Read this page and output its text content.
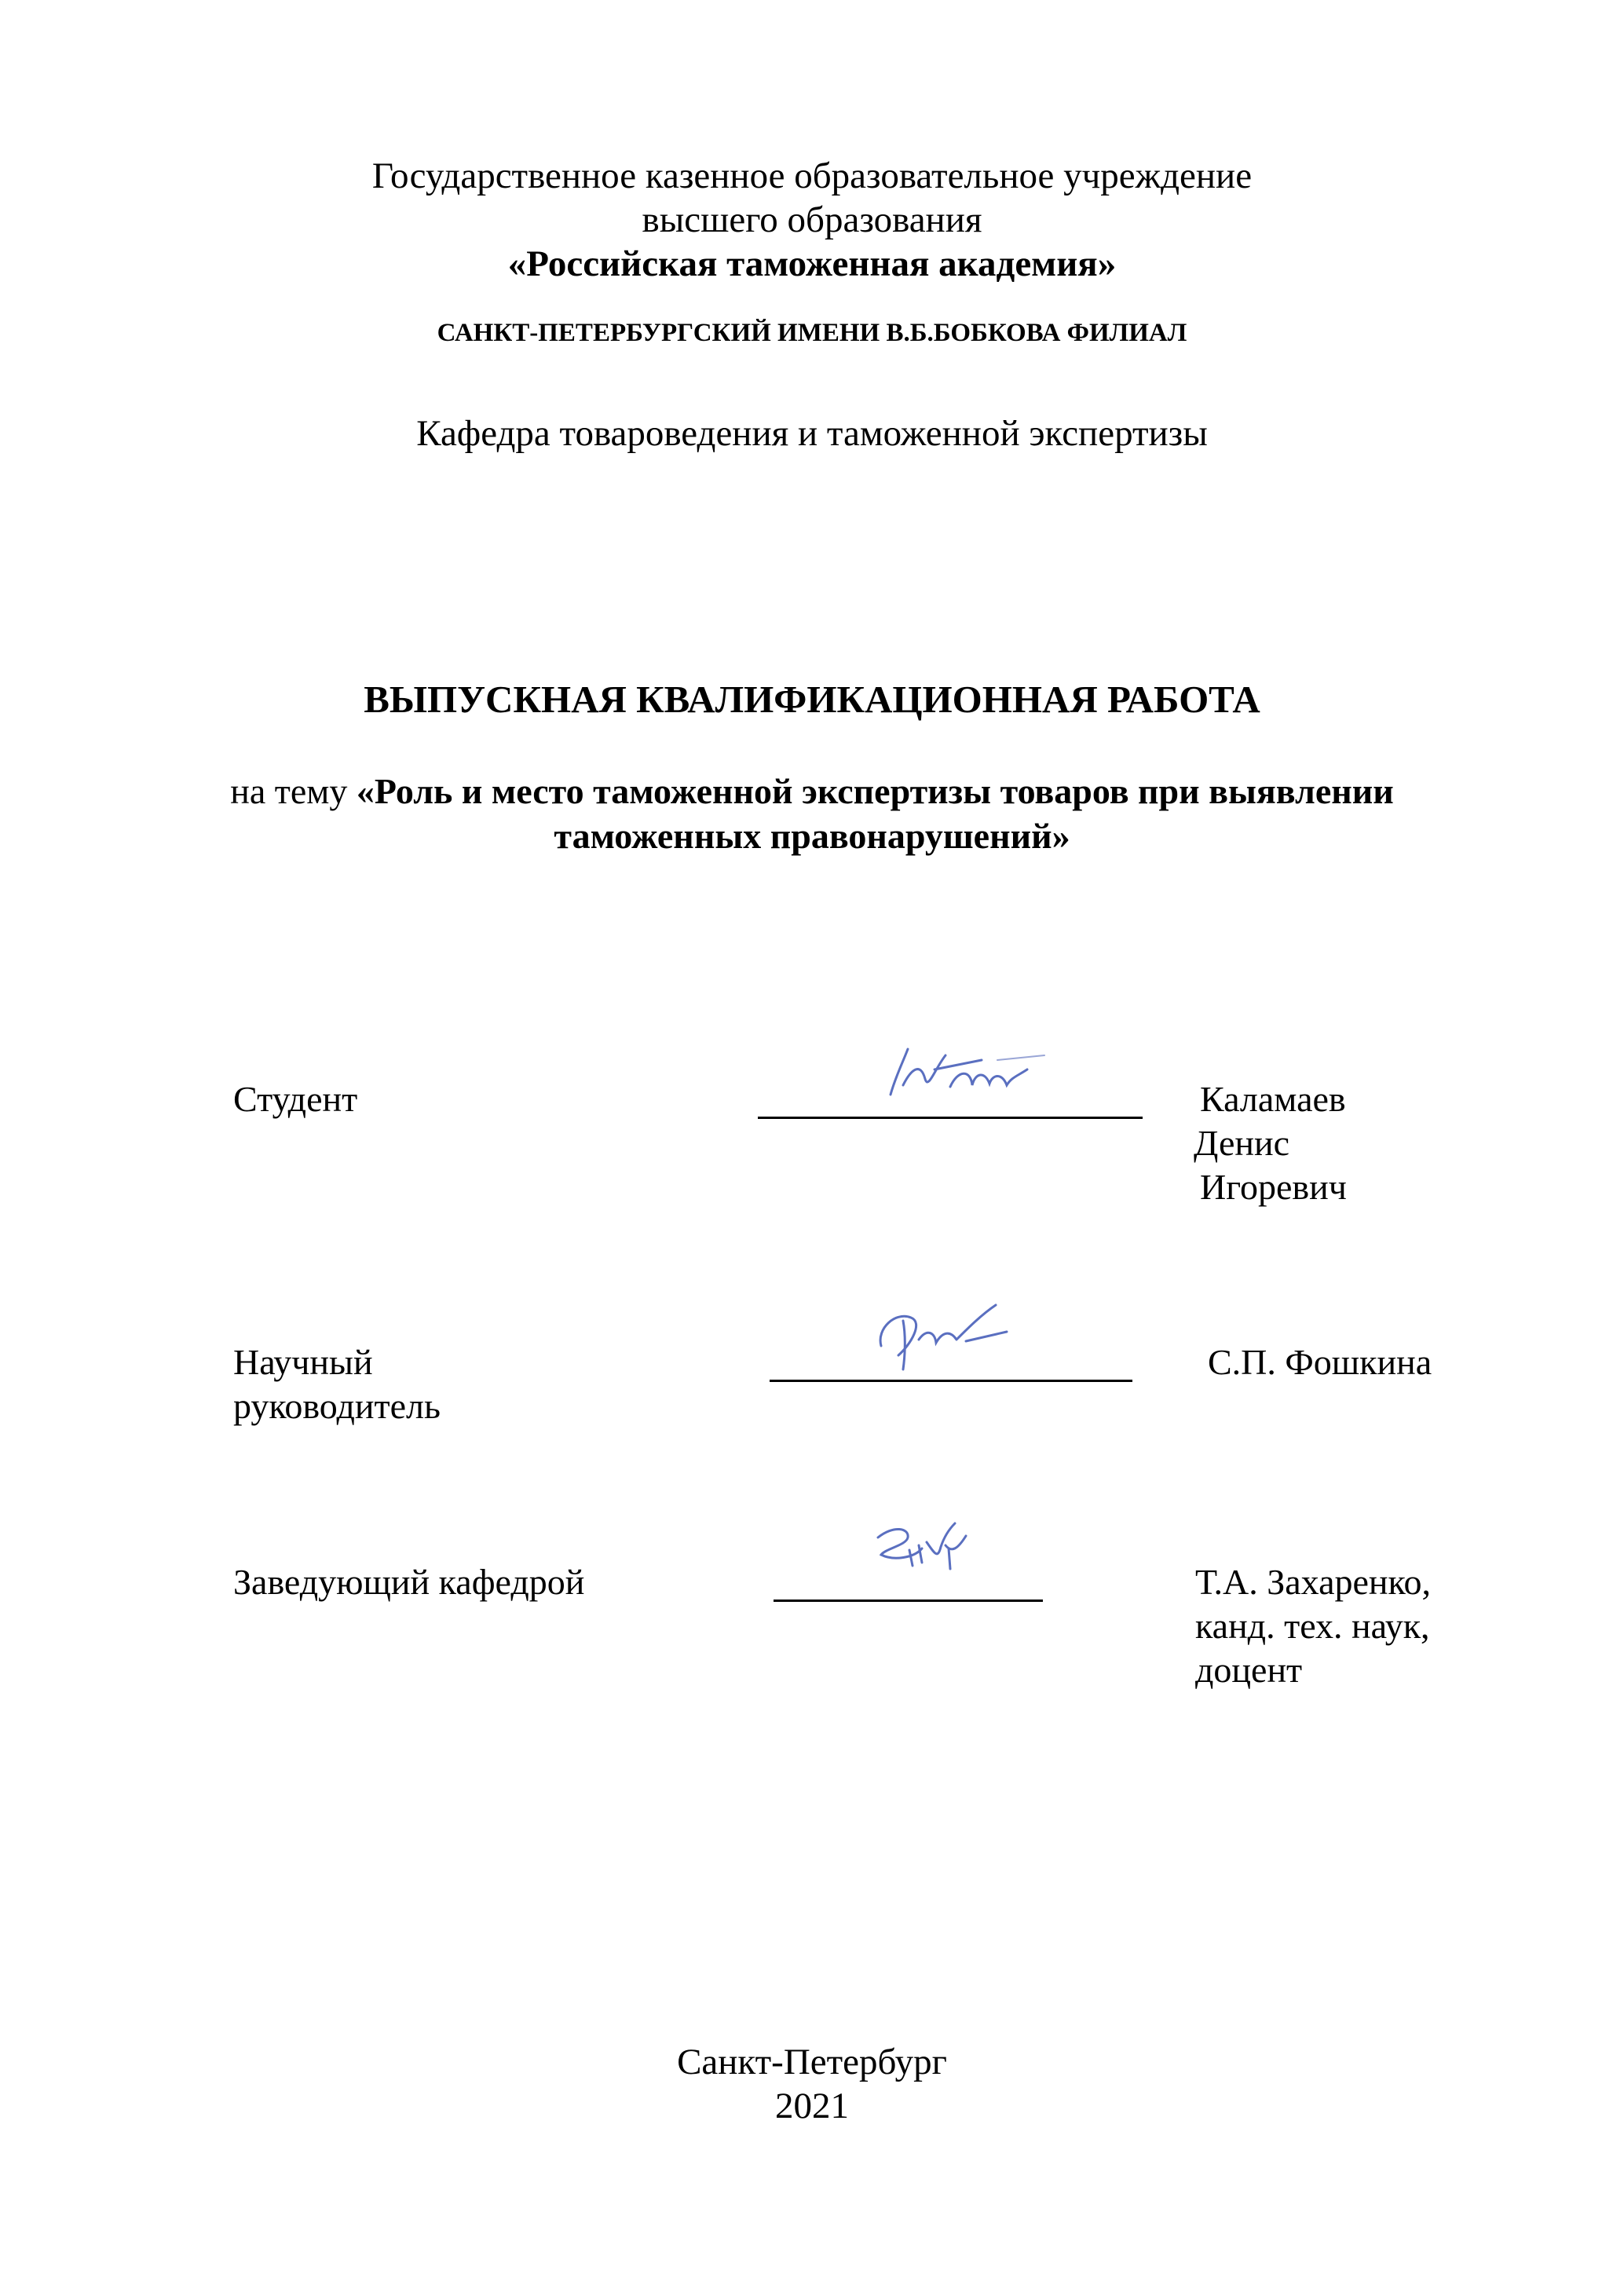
Государственное казенное образовательное учреждение
высшего образования
«Российская таможенная академия»
САНКТ-ПЕТЕРБУРГСКИЙ ИМЕНИ В.Б.БОБКОВА ФИЛИАЛ
Кафедра товароведения и таможенной экспертизы
ВЫПУСКНАЯ КВАЛИФИКАЦИОННАЯ РАБОТА
на тему «Роль и место таможенной экспертизы товаров при выявлении
таможенных правонарушений»
Студент	Каламаев
Денис
Игоревич
Научный
руководитель
С.П. Фошкина
Заведующий кафедрой	Т.А. Захаренко,
канд. тех. наук,
доцент
Санкт-Петербург
2021
